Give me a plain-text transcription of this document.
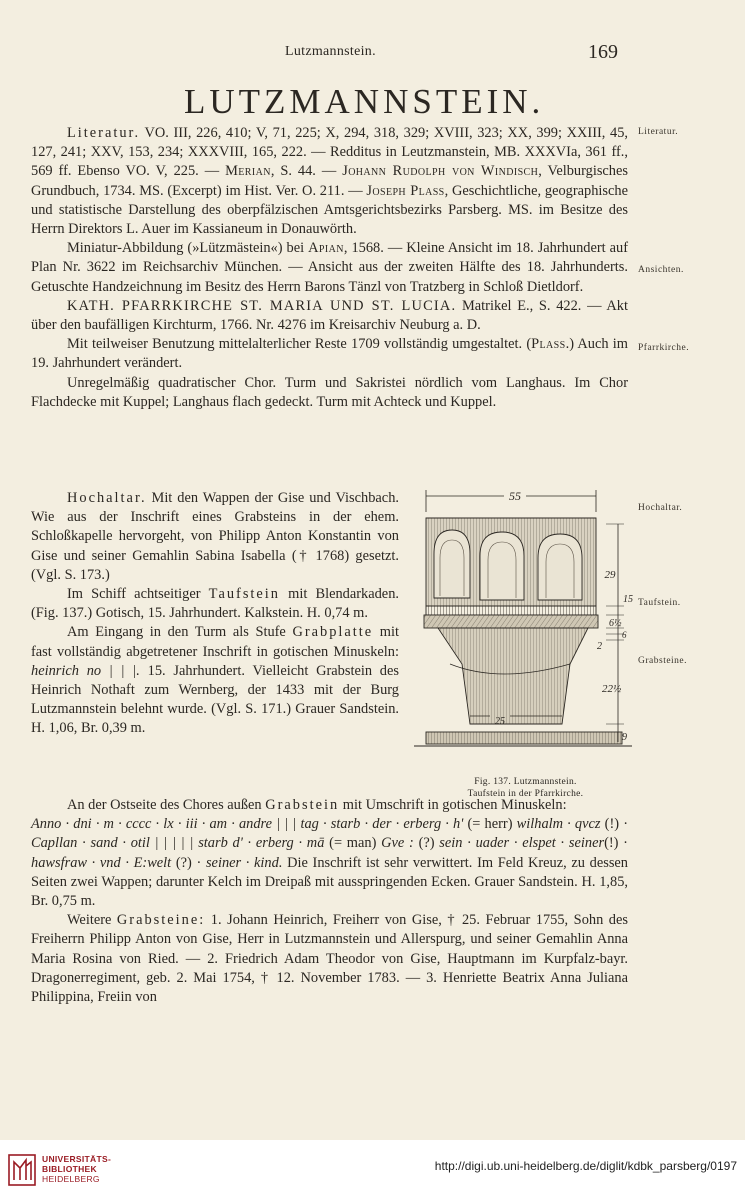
Lutzmannstein.	169
LUTZMANNSTEIN.
Literatur.
Ansichten.
Pfarrkirche.
Hochaltar.
Taufstein.
Grabsteine.

Literatur. VO. III, 226, 410; V, 71, 225; X, 294, 318, 329; XVIII, 323; XX, 399; XXIII, 45, 127, 241; XXV, 153, 234; XXXVIII, 165, 222. — Redditus in Leutzmanstein, MB. XXXVIa, 361 ff., 569 ff. Ebenso VO. V, 225. — Merian, S. 44. — Johann Rudolph von Windisch, Velburgisches Grundbuch, 1734. MS. (Excerpt) im Hist. Ver. O. 211. — Joseph Plass, Geschichtliche, geographische und statistische Darstellung des oberpfälzischen Amtsgerichtsbezirks Parsberg. MS. im Besitze des Herrn Direktors L. Auer im Kassianeum in Donauwörth.

Miniatur-Abbildung (»Lützmästein«) bei Apian, 1568. — Kleine Ansicht im 18. Jahrhundert auf Plan Nr. 3622 im Reichsarchiv München. — Ansicht aus der zweiten Hälfte des 18. Jahrhunderts. Getuschte Handzeichnung im Besitz des Herrn Barons Tänzl von Tratzberg in Schloß Dietldorf.

KATH. PFARRKIRCHE ST. MARIA UND ST. LUCIA. Matrikel E., S. 422. — Akt über den baufälligen Kirchturm, 1766. Nr. 4276 im Kreisarchiv Neuburg a. D.

Mit teilweiser Benutzung mittelalterlicher Reste 1709 vollständig umgestaltet. (Plass.) Auch im 19. Jahrhundert verändert.

Unregelmäßig quadratischer Chor. Turm und Sakristei nördlich vom Langhaus. Im Chor Flachdecke mit Kuppel; Langhaus flach gedeckt. Turm mit Achteck und Kuppel.

Hochaltar. Mit den Wappen der Gise und Vischbach. Wie aus der Inschrift eines Grabsteins in der ehem. Schloßkapelle hervorgeht, von Philipp Anton Konstantin von Gise und seiner Gemahlin Sabina Isabella († 1768) gesetzt. (Vgl. S. 173.)

Im Schiff achtseitiger Taufstein mit Blendarkaden. (Fig. 137.) Gotisch, 15. Jahrhundert. Kalkstein. H. 0,74 m.

Am Eingang in den Turm als Stufe Grabplatte mit fast vollständig abgetretener Inschrift in gotischen Minuskeln: heinrich no | | |. 15. Jahrhundert. Vielleicht Grabstein des Heinrich Nothaft zum Wernberg, der 1433 mit der Burg Lutzmannstein belehnt wurde. (Vgl. S. 171.) Grauer Sandstein. H. 1,06, Br. 0,39 m.

An der Ostseite des Chores außen Grabstein mit Umschrift in gotischen Minuskeln:

Anno · dni · m · cccc · lx · iii · am · andre | | | tag · starb · der · erberg · h' (= herr) wilhalm · qvcz (!) · Capllan · sand · otil | | | | | starb d' · erberg · mā (= man) Gve : (?) sein · uader · elspet · seiner(!) · hawsfraw · vnd · E:welt (?) · seiner · kind. Die Inschrift ist sehr verwittert. Im Feld Kreuz, zu dessen Seiten zwei Wappen; darunter Kelch im Dreipaß mit ausspringenden Ecken. Grauer Sandstein. H. 1,85, Br. 0,75 m.

Weitere Grabsteine: 1. Johann Heinrich, Freiherr von Gise, † 25. Februar 1755, Sohn des Freiherrn Philipp Anton von Gise, Herr in Lutzmannstein und Allerspurg, und seiner Gemahlin Anna Maria Rosina von Ried. — 2. Friedrich Adam Theodor von Gise, Hauptmann im Kurpfalz-bayr. Dragonerregiment, geb. 2. Mai 1754, † 12. November 1783. — 3. Henriette Beatrix Anna Juliana Philippina, Freiin von

55
25
29
15
6½
6
2
22½
9
Fig. 137. Lutzmannstein.
Taufstein in der Pfarrkirche.
UNIVERSITÄTS-
BIBLIOTHEK
HEIDELBERG
http://digi.ub.uni-heidelberg.de/diglit/kdbk_parsberg/0197
